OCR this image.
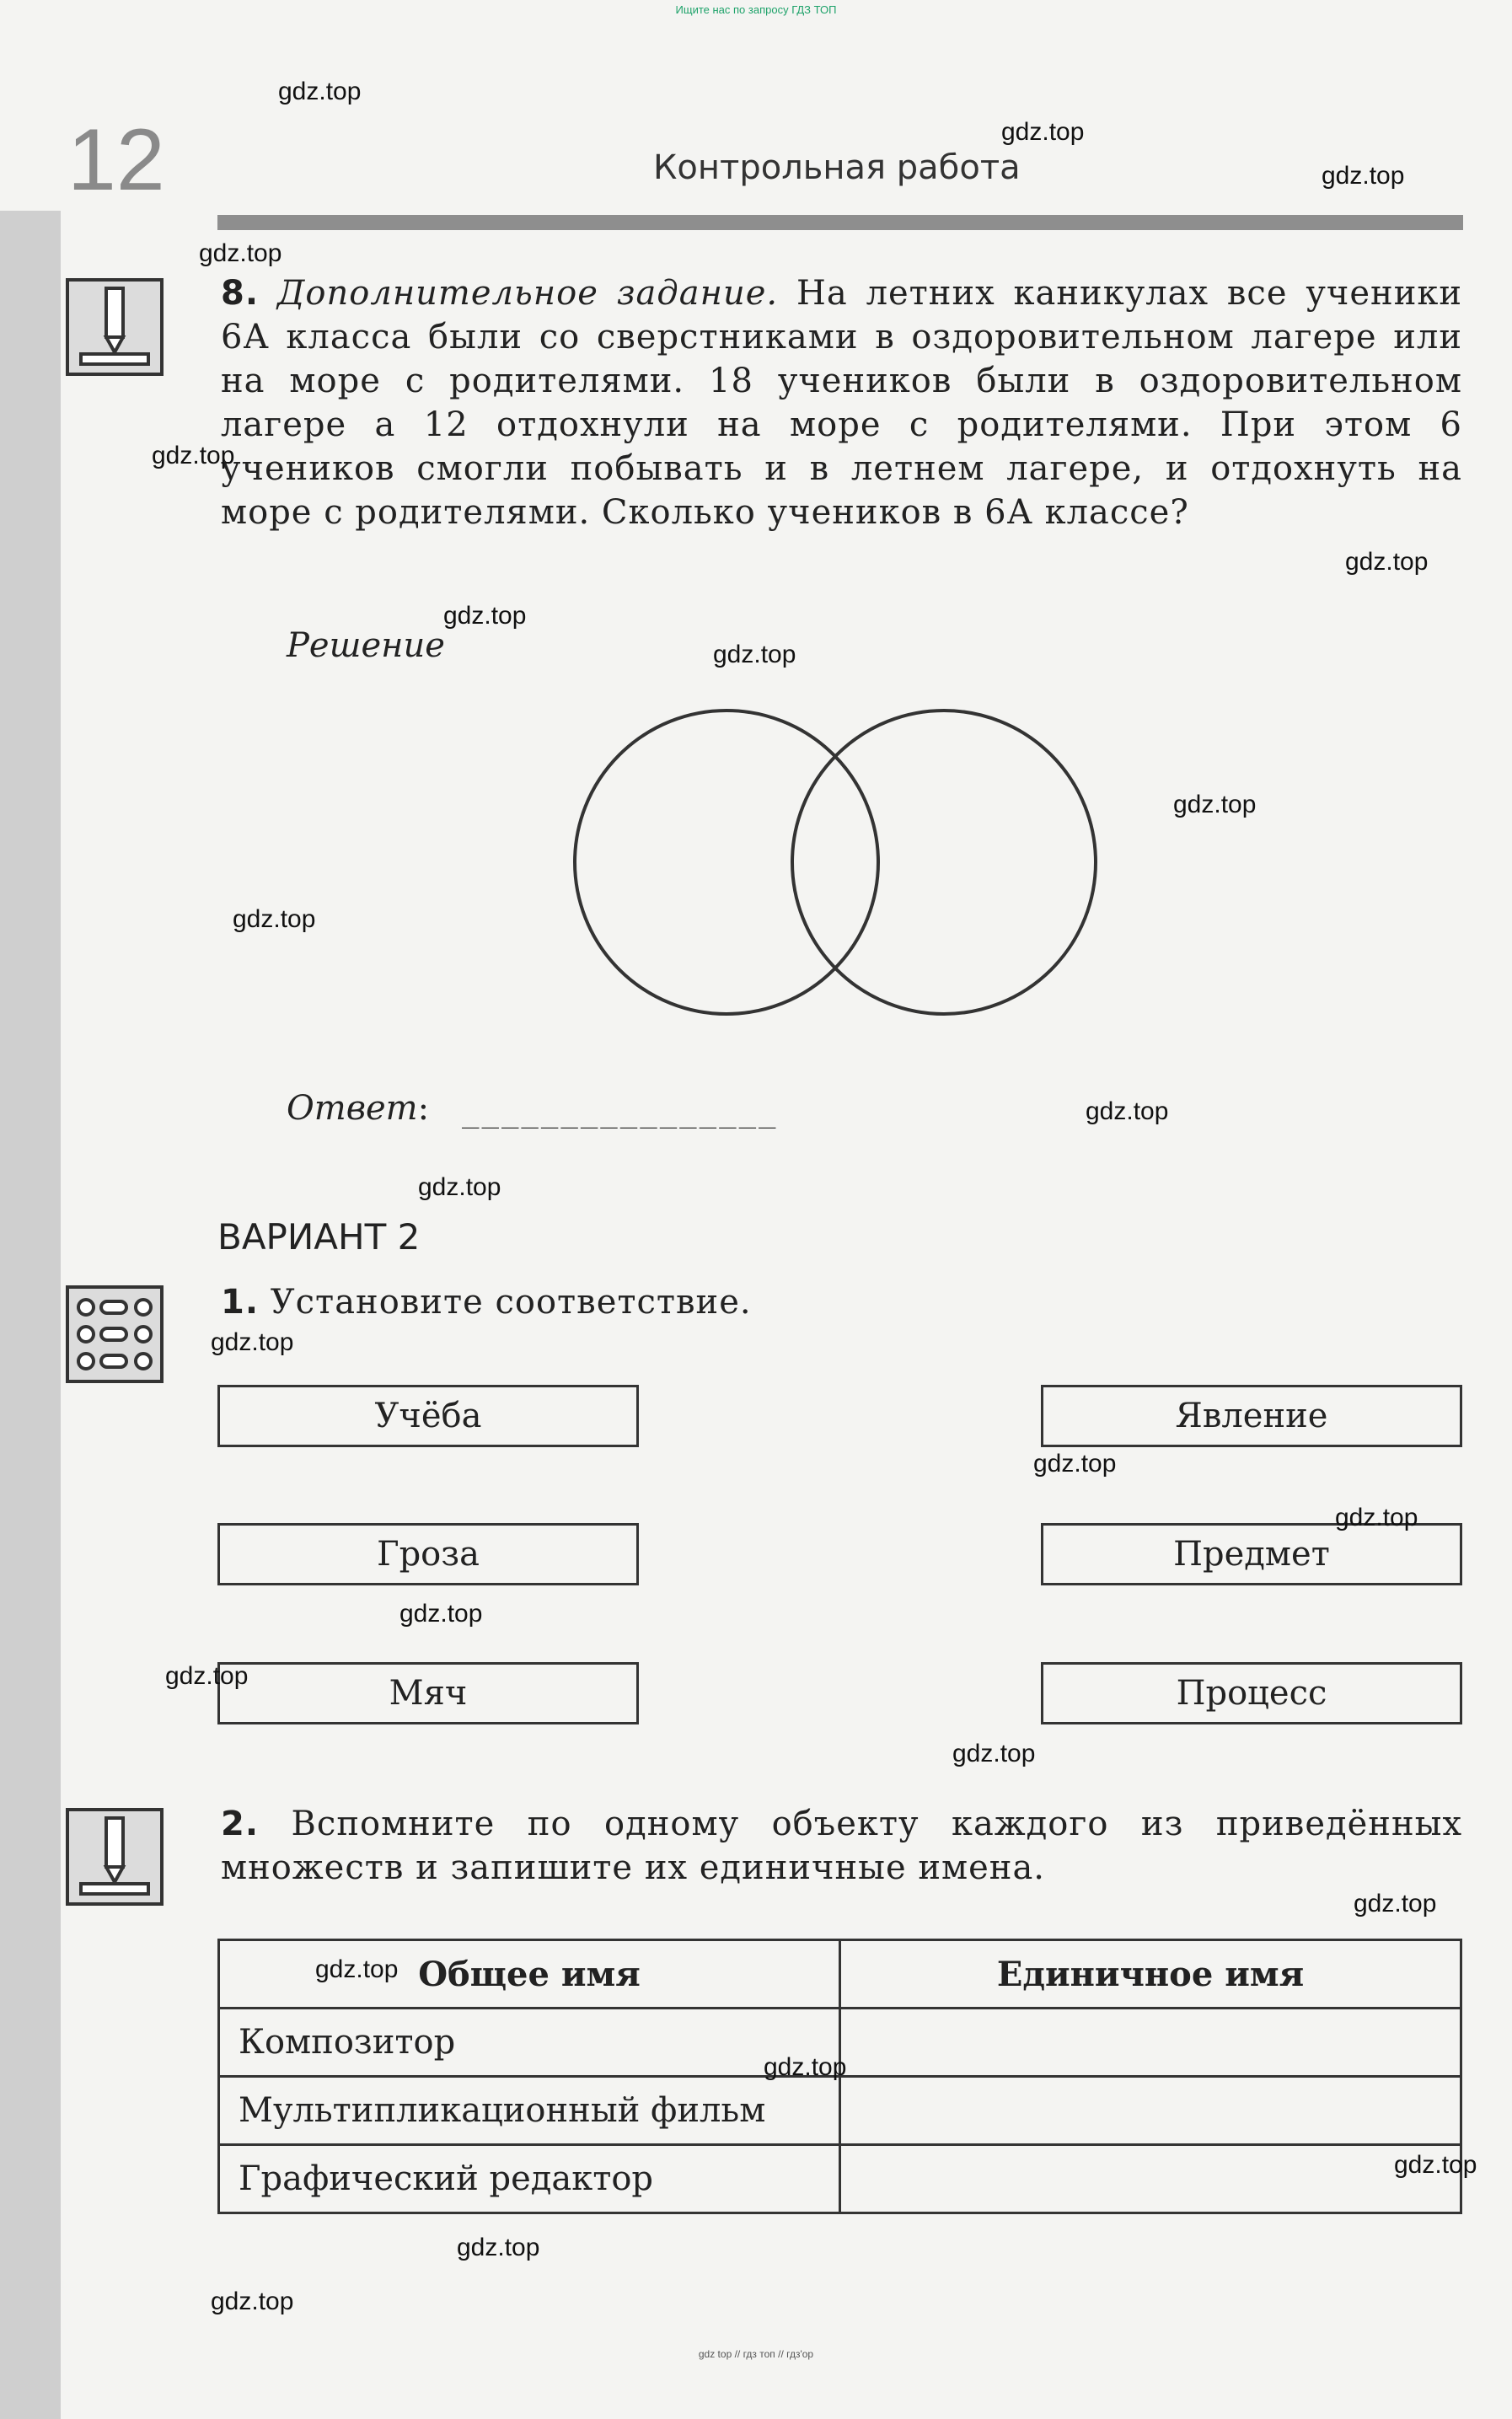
Ищите нас по запросу ГДЗ ТОП
12	Контрольная работа
8. Дополнительное задание. На летних каникулах все ученики 6А класса были со сверстниками в оздоровительном лагере или на море с родителями. 18 учеников были в оздоровительном лагере а 12 отдохнули на море с родителями. При этом 6 учеников смогли побывать и в летнем лагере, и отдохнуть на море с родителями. Сколько учеников в 6А классе?
Решение
Ответ: ________________
ВАРИАНТ 2
1. Установите соответствие.
Учёба
Гроза
Мяч
Явление
Предмет
Процесс
2. Вспомните по одному объекту каждого из приведённых множеств и запишите их единичные имена.
Общее имя	Единичное имя
Композитор	
Мультипликационный фильм	
Графический редактор	
gdz.top
gdz.top
gdz.top
gdz.top
gdz.top
gdz.top
gdz.top
gdz.top
gdz.top
gdz.top
gdz.top
gdz.top
gdz.top
gdz.top
gdz.top
gdz.top
gdz.top
gdz.top
gdz.top
gdz.top
gdz.top
gdz.top
gdz.top
gdz.top
gdz top // гдз топ // гдз'ор
